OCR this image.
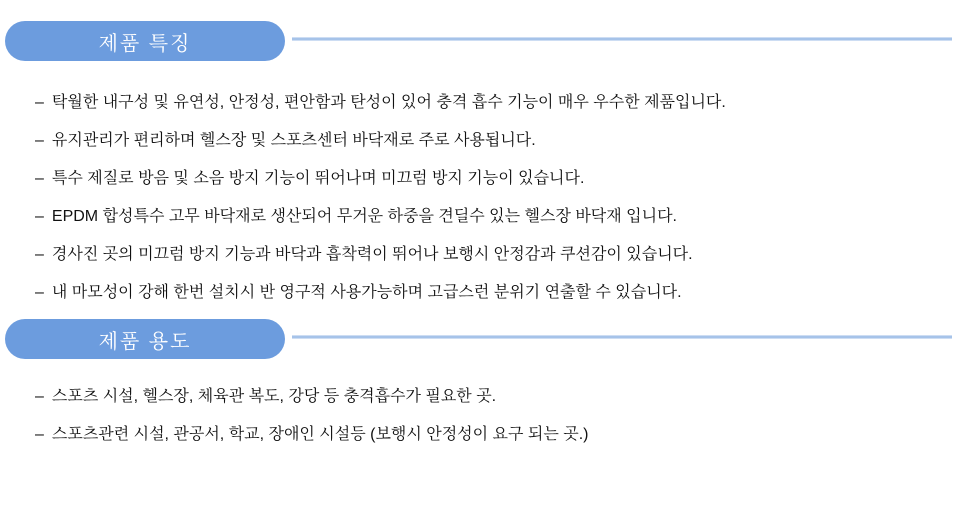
제품 특징
– 탁월한 내구성 및 유연성, 안정성, 편안함과 탄성이 있어 충격 흡수 기능이 매우 우수한 제품입니다.
– 유지관리가 편리하며 헬스장 및 스포츠센터 바닥재로 주로 사용됩니다.
– 특수 제질로 방음 및 소음 방지 기능이 뛰어나며 미끄럼 방지 기능이 있습니다.
– EPDM 합성특수 고무 바닥재로 생산되어 무거운 하중을 견딜수 있는 헬스장 바닥재 입니다.
– 경사진 곳의 미끄럼 방지 기능과 바닥과 흡착력이 뛰어나 보행시 안정감과 쿠션감이 있습니다.
– 내 마모성이 강해 한번 설치시 반 영구적 사용가능하며 고급스런 분위기 연출할 수 있습니다.
제품 용도
– 스포츠 시설, 헬스장, 체육관 복도, 강당 등 충격흡수가 필요한 곳.
– 스포츠관련 시설, 관공서, 학교, 장애인 시설등 (보행시 안정성이 요구 되는 곳.)
